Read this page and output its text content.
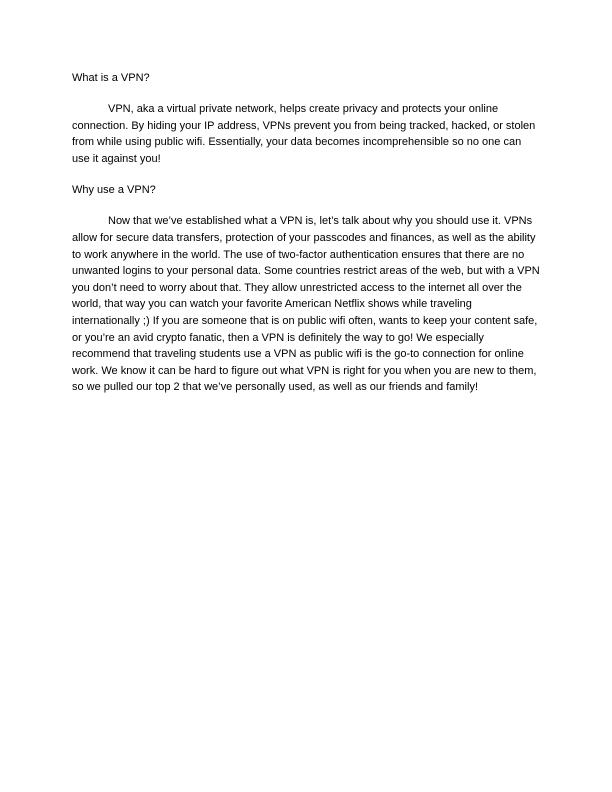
What is a VPN?
VPN, aka a virtual private network, helps create privacy and protects your online
connection. By hiding your IP address, VPNs prevent you from being tracked, hacked, or stolen
from while using public wifi. Essentially, your data becomes incomprehensible so no one can
use it against you!
Why use a VPN?
Now that we’ve established what a VPN is, let’s talk about why you should use it. VPNs
allow for secure data transfers, protection of your passcodes and finances, as well as the ability
to work anywhere in the world. The use of two-factor authentication ensures that there are no
unwanted logins to your personal data. Some countries restrict areas of the web, but with a VPN
you don’t need to worry about that. They allow unrestricted access to the internet all over the
world, that way you can watch your favorite American Netflix shows while traveling
internationally ;) If you are someone that is on public wifi often, wants to keep your content safe,
or you’re an avid crypto fanatic, then a VPN is definitely the way to go! We especially
recommend that traveling students use a VPN as public wifi is the go-to connection for online
work. We know it can be hard to figure out what VPN is right for you when you are new to them,
so we pulled our top 2 that we’ve personally used, as well as our friends and family!
